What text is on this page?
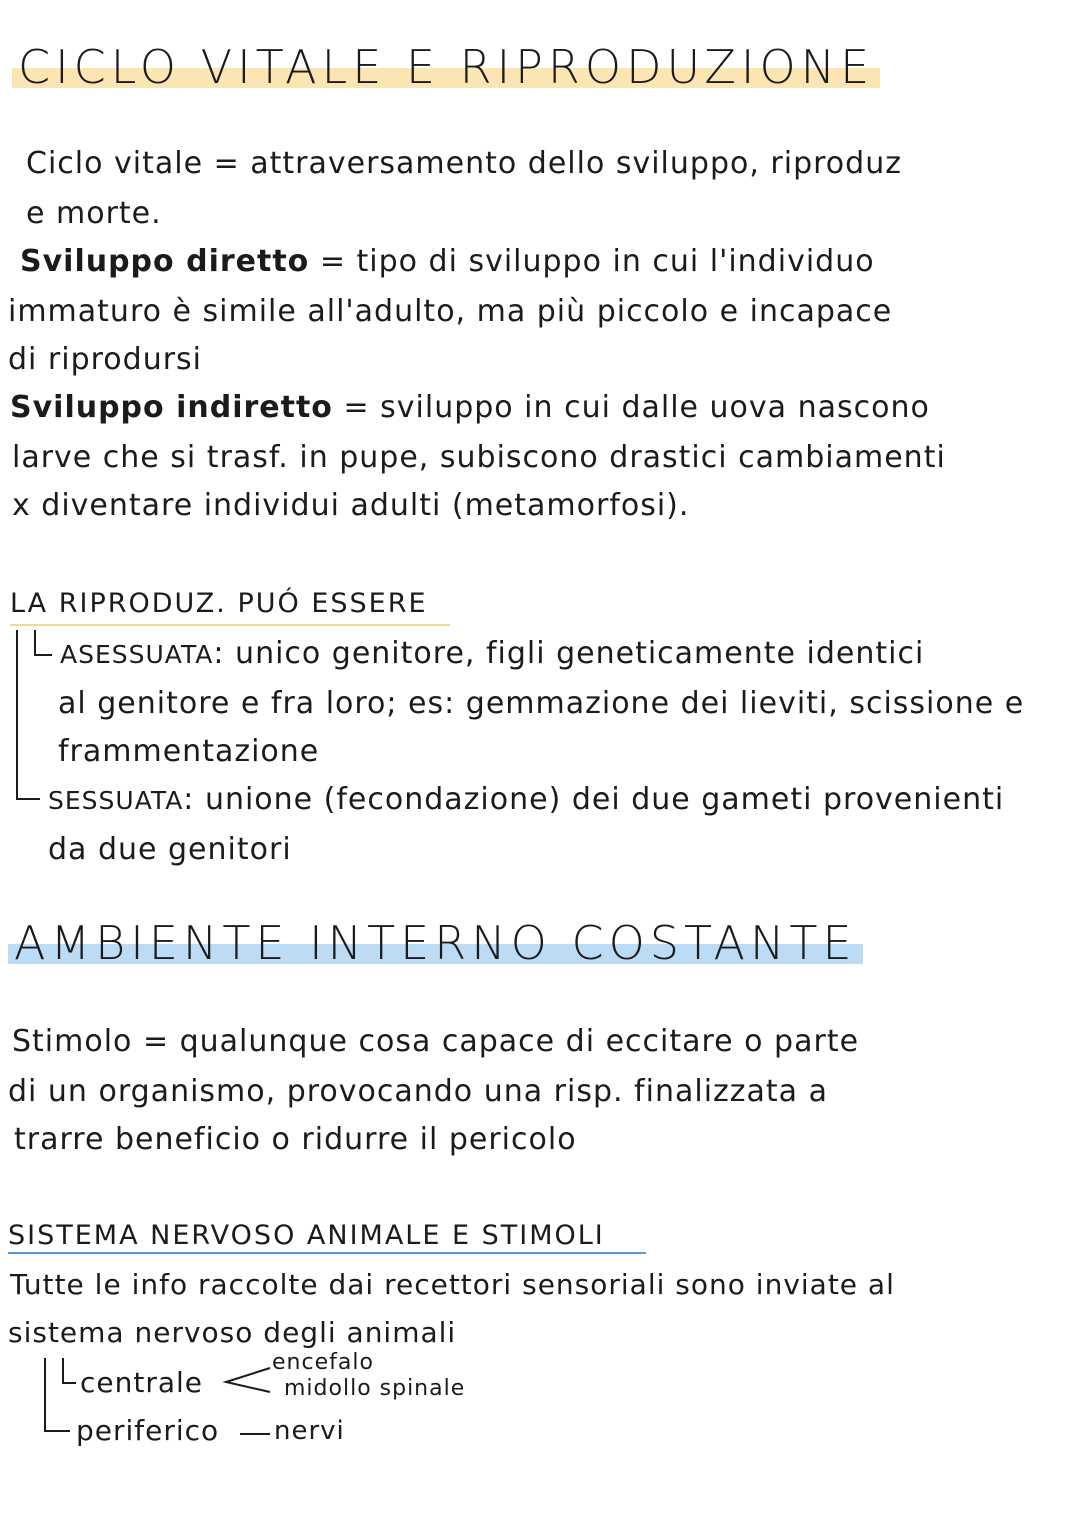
CICLO VITALE E RIPRODUZIONE
Ciclo vitale = attraversamento dello sviluppo, riproduz
e morte.
Sviluppo diretto = tipo di sviluppo in cui l'individuo
immaturo è simile all'adulto, ma più piccolo e incapace
di riprodursi
Sviluppo indiretto = sviluppo in cui dalle uova nascono
larve che si trasf. in pupe, subiscono drastici cambiamenti
x diventare individui adulti (metamorfosi).
LA RIPRODUZ. PUÓ ESSERE
ASESSUATA: unico genitore, figli geneticamente identici
al genitore e fra loro; es: gemmazione dei lieviti, scissione e
frammentazione
SESSUATA: unione (fecondazione) dei due gameti provenienti
da due genitori
AMBIENTE INTERNO COSTANTE
Stimolo = qualunque cosa capace di eccitare o parte
di un organismo, provocando una risp. finalizzata a
trarre beneficio o ridurre il pericolo
SISTEMA NERVOSO ANIMALE E STIMOLI
Tutte le info raccolte dai recettori sensoriali sono inviate al
sistema nervoso degli animali
centrale
encefalo
midollo spinale
periferico nervi
